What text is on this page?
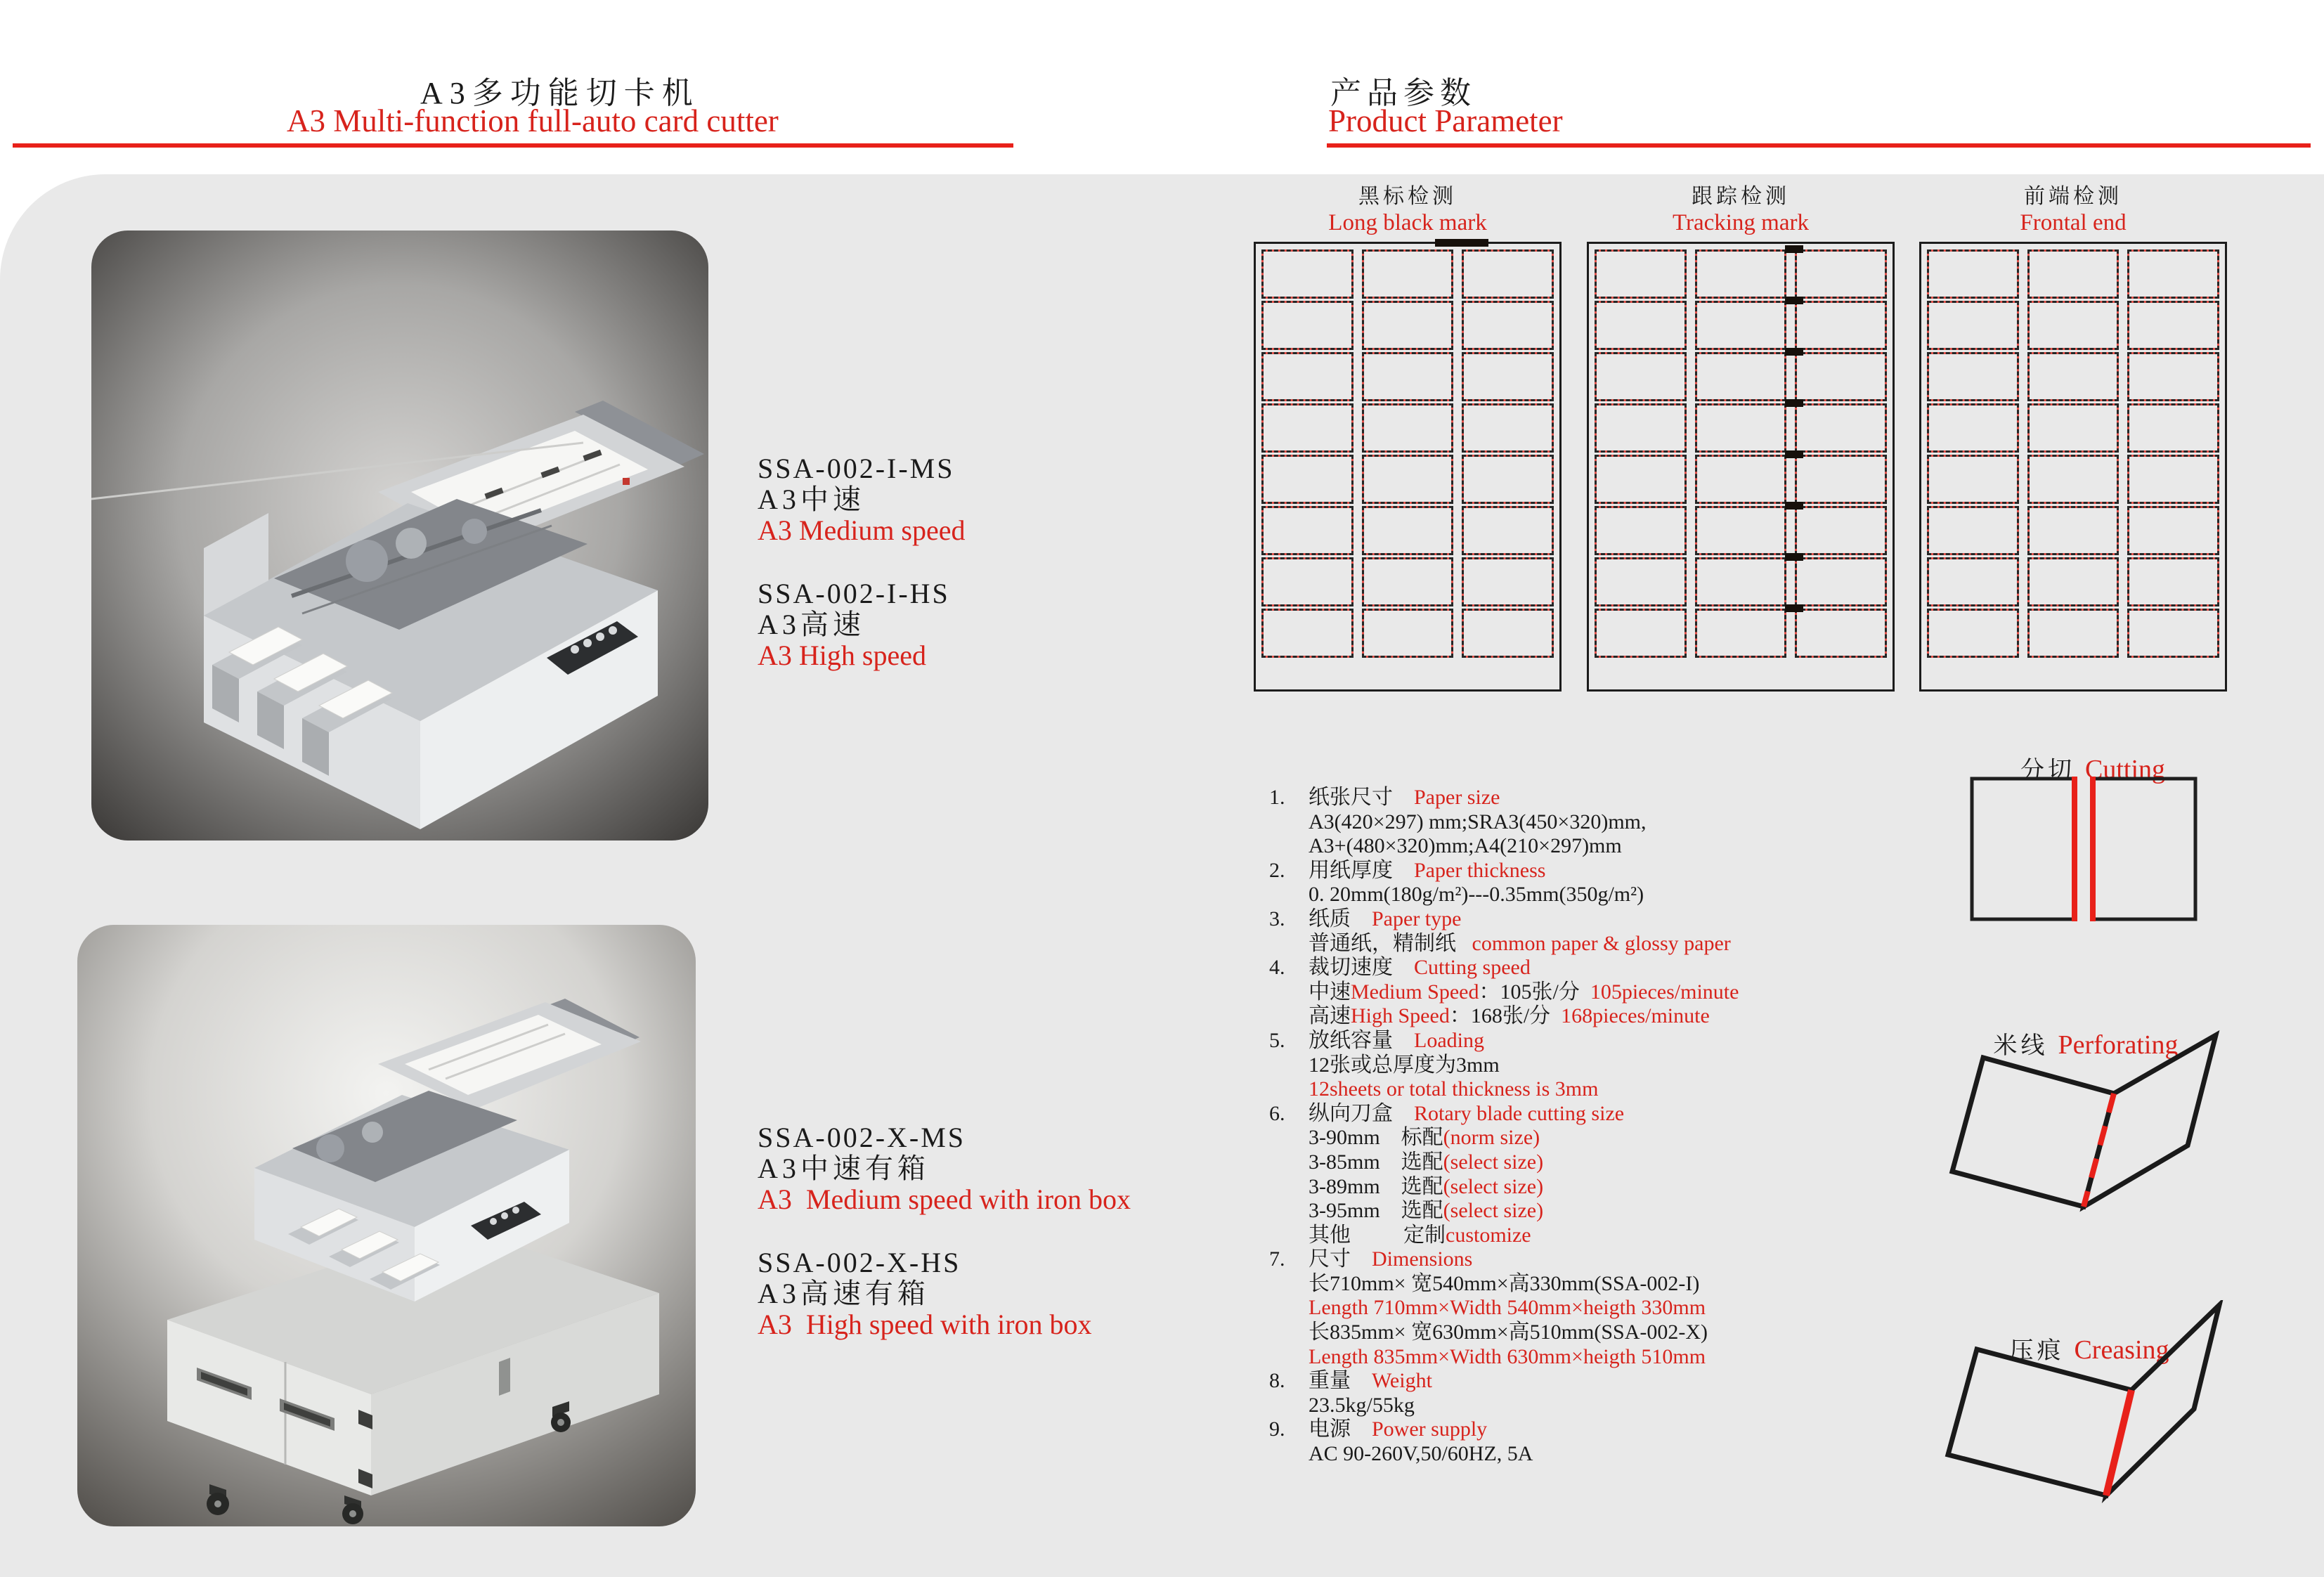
A3多功能切卡机
A3 Multi-function full-auto card cutter
产品参数
Product Parameter
SSA-002-I-MS
A3中速
A3 Medium speed
SSA-002-I-HS
A3高速
A3 High speed
SSA-002-X-MS
A3中速有箱
A3  Medium speed with iron box
SSA-002-X-HS
A3高速有箱
A3  High speed with iron box
黑标检测
Long black mark
跟踪检测
Tracking mark
前端检测
Frontal end
1. 纸张尺寸 Paper size
A3(420×297) mm;SRA3(450×320)mm,
A3+(480×320)mm;A4(210×297)mm
2. 用纸厚度 Paper thickness
0. 20mm(180g/m²)---0.35mm(350g/m²)
3. 纸质 Paper type
普通纸，精制纸   common paper & glossy paper
4. 裁切速度 Cutting speed
中速Medium Speed：105张/分  105pieces/minute
高速High Speed：168张/分  168pieces/minute
5. 放纸容量 Loading
12张或总厚度为3mm
12sheets or total thickness is 3mm
6. 纵向刀盒 Rotary blade cutting size
3-90mm    标配(norm size)
3-85mm    选配(select size)
3-89mm    选配(select size)
3-95mm    选配(select size)
其他          定制customize
7. 尺寸 Dimensions
长710mm× 宽540mm×高330mm(SSA-002-I)
Length 710mm×Width 540mm×heigth 330mm
长835mm× 宽630mm×高510mm(SSA-002-X)
Length 835mm×Width 630mm×heigth 510mm
8. 重量 Weight
23.5kg/55kg
9. 电源 Power supply
AC 90-260V,50/60HZ, 5A

分切 Cutting

米线 Perforating

压痕 Creasing
